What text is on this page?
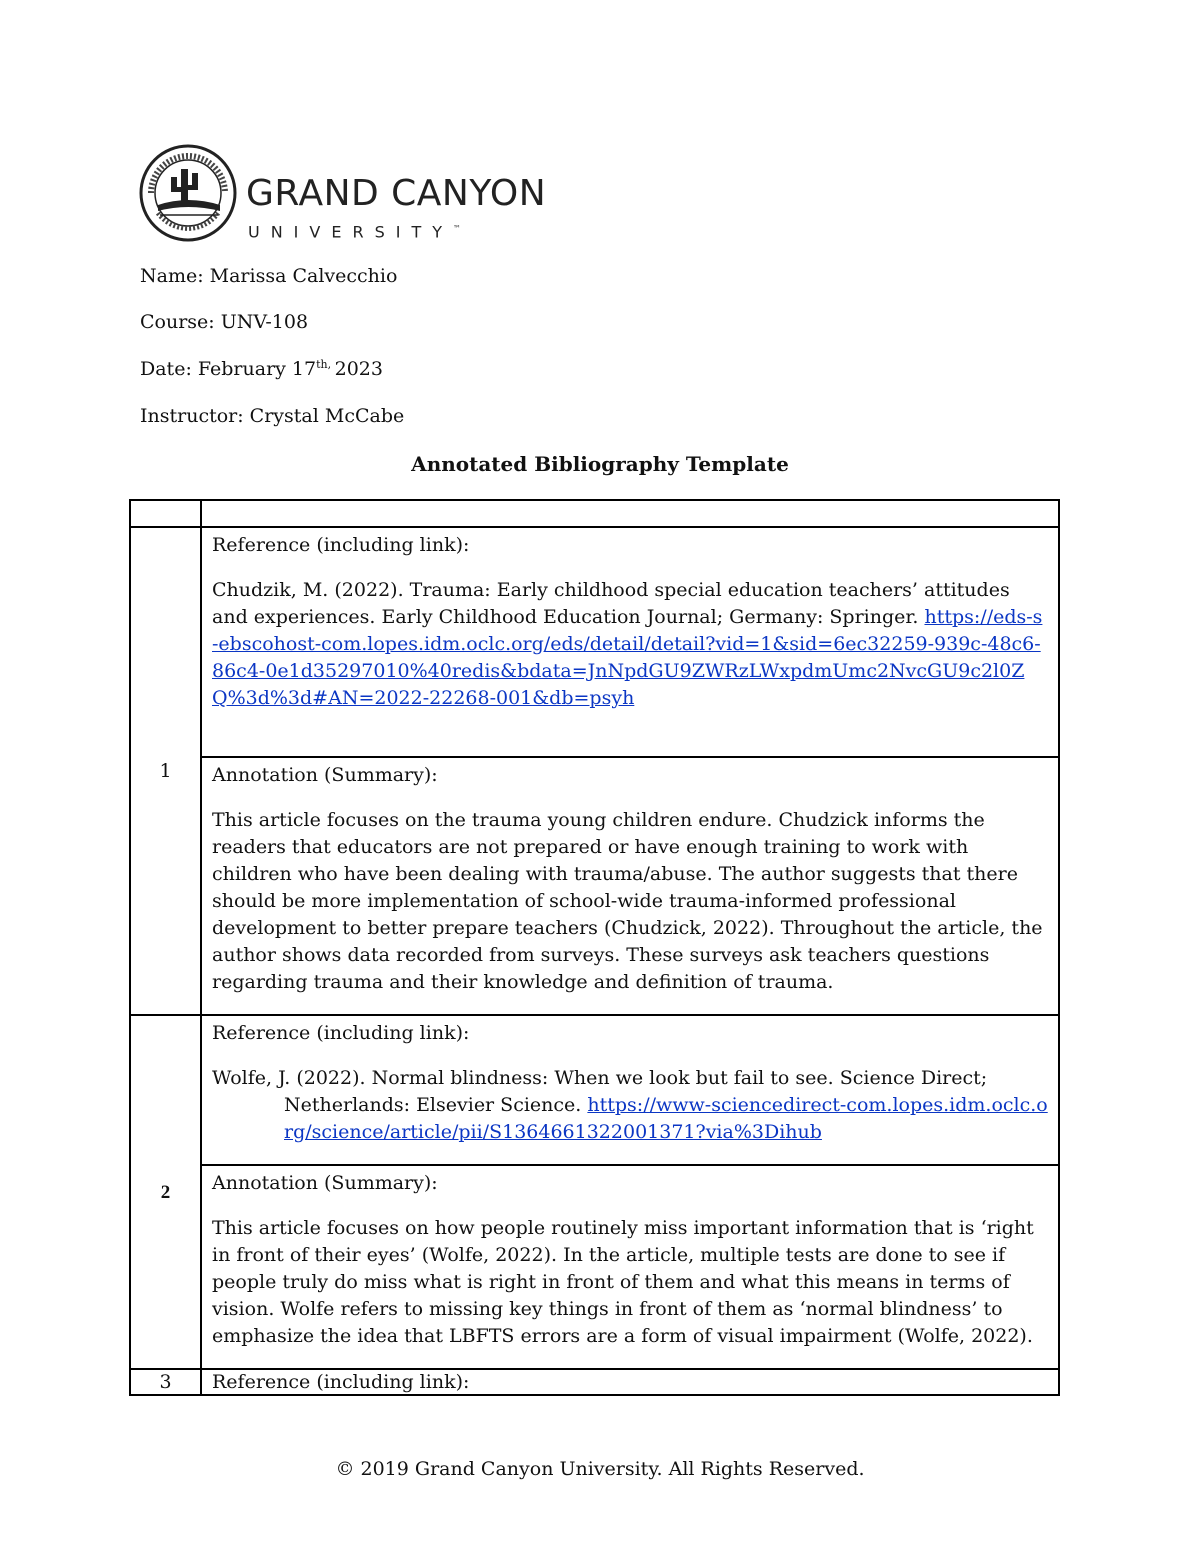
GRAND CANYON
UNIVERSITY™
Name: Marissa Calvecchio
Course: UNV-108
Date: February $17^{th,}$ 2023
Instructor: Crystal McCabe
Annotated Bibliography Template

1	Reference (including link):
Chudzik, M. (2022). Trauma: Early childhood special education teachers’ attitudes and experiences. Early Childhood Education Journal; Germany: Springer. https://eds-s-ebscohost-com.lopes.idm.oclc.org/eds/detail/detail?vid=1&sid=6ec32259-939c-48c6-86c4-0e1d35297010%40redis&bdata=JnNpdGU9ZWRzLWxpdmUmc2NvcGU9c2l0ZQ%3d%3d#AN=2022-22268-001&db=psyh

	Annotation (Summary):
This article focuses on the trauma young children endure. Chudzick informs the readers that educators are not prepared or have enough training to work with children who have been dealing with trauma/abuse. The author suggests that there should be more implementation of school-wide trauma-informed professional development to better prepare teachers (Chudzick, 2022). Throughout the article, the author shows data recorded from surveys. These surveys ask teachers questions regarding trauma and their knowledge and definition of trauma.

2	Reference (including link):
Wolfe, J. (2022). Normal blindness: When we look but fail to see. Science Direct; Netherlands: Elsevier Science. https://www-sciencedirect-com.lopes.idm.oclc.org/science/article/pii/S1364661322001371?via%3Dihub

	Annotation (Summary):
This article focuses on how people routinely miss important information that is ‘right in front of their eyes’ (Wolfe, 2022). In the article, multiple tests are done to see if people truly do miss what is right in front of them and what this means in terms of vision. Wolfe refers to missing key things in front of them as ‘normal blindness’ to emphasize the idea that LBFTS errors are a form of visual impairment (Wolfe, 2022).

3	Reference (including link):
© 2019 Grand Canyon University. All Rights Reserved.
